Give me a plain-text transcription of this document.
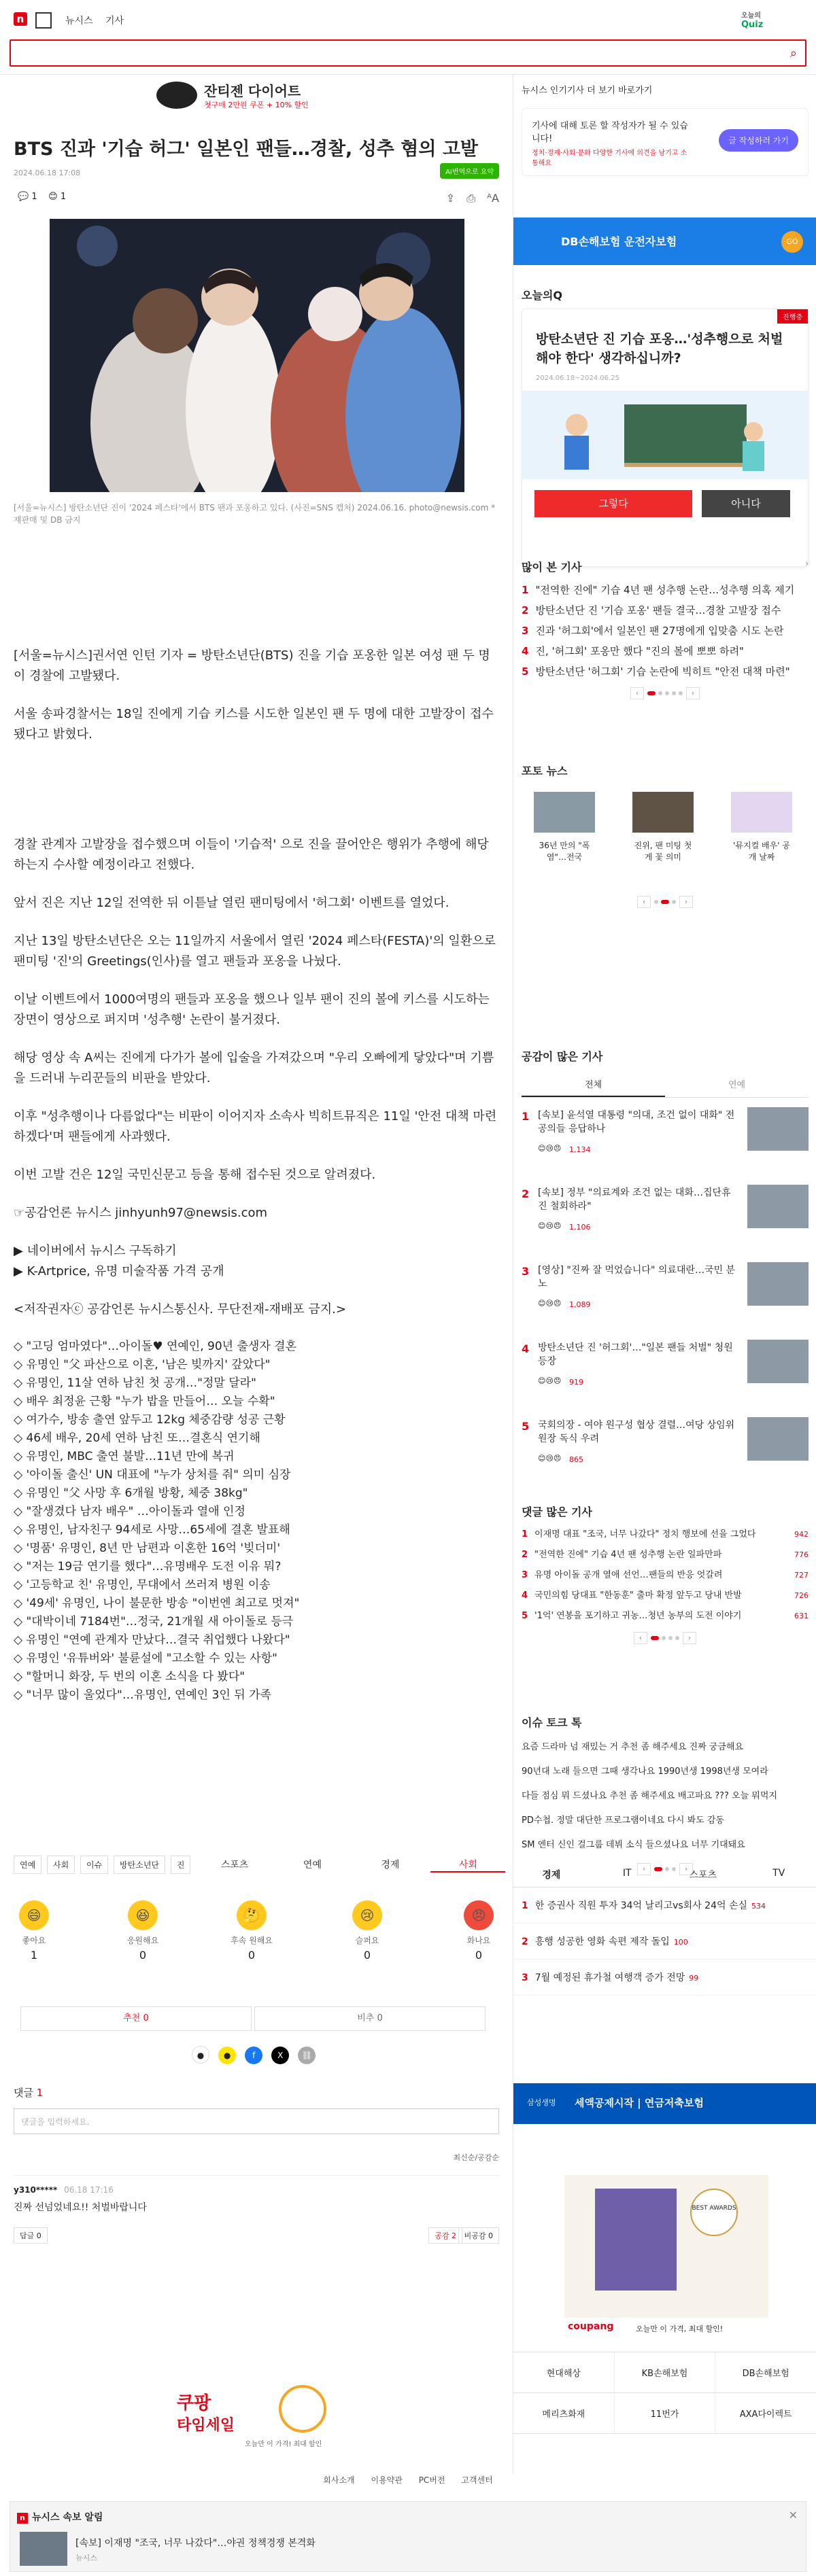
n	뉴시스 기사	오늘의
Quiz
⌕
잔티젠 다이어트
첫구매 2만원 쿠폰 + 10% 할인
BTS 진과 '기습 허그' 일본인 팬들…경찰, 성추 혐의 고발
2024.06.18 17:08	AI번역으로 요약
💬 1 😊 1	⇪ ⎙ ᴬA
[서울=뉴시스] 방탄소년단 진이 '2024 페스타'에서 BTS 팬과 포옹하고 있다. (사진=SNS 캡처) 2024.06.16. photo@newsis.com *재판매 및 DB 금지

[서울=뉴시스]권서연 인턴 기자 = 방탄소년단(BTS) 진을 기습 포옹한 일본 여성 팬 두 명이 경찰에 고발됐다.

서울 송파경찰서는 18일 진에게 기습 키스를 시도한 일본인 팬 두 명에 대한 고발장이 접수됐다고 밝혔다.

경찰 관계자 고발장을 접수했으며 이들이 '기습적' 으로 진을 끌어안은 행위가 추행에 해당하는지 수사할 예정이라고 전했다.

앞서 진은 지난 12일 전역한 뒤 이튿날 열린 팬미팅에서 '허그회' 이벤트를 열었다.

지난 13일 방탄소년단은 오는 11일까지 서울에서 열린 '2024 페스타(FESTA)'의 일환으로 팬미팅 '진'의 Greetings(인사)를 열고 팬들과 포옹을 나눴다.

이날 이벤트에서 1000여명의 팬들과 포옹을 했으나 일부 팬이 진의 볼에 키스를 시도하는 장면이 영상으로 퍼지며 '성추행' 논란이 불거졌다.

해당 영상 속 A씨는 진에게 다가가 볼에 입술을 가져갔으며 "우리 오빠에게 닿았다"며 기쁨을 드러내 누리꾼들의 비판을 받았다.

이후 "성추행이나 다름없다"는 비판이 이어지자 소속사 빅히트뮤직은 11일 '안전 대책 마련하겠다'며 팬들에게 사과했다.

이번 고발 건은 12일 국민신문고 등을 통해 접수된 것으로 알려졌다.

☞공감언론 뉴시스 jinhyunh97@newsis.com

▶ 네이버에서 뉴시스 구독하기
▶ K-Artprice, 유명 미술작품 가격 공개

<저작권자ⓒ 공감언론 뉴시스통신사. 무단전재-재배포 금지.>

◇ "고딩 엄마였다"…아이돌♥ 연예인, 90년 출생자 결혼
◇ 유명인 "父 파산으로 이혼, '남은 빚까지' 갚았다"
◇ 유명인, 11살 연하 남친 첫 공개…"정말 달라"
◇ 배우 최정윤 근황 "누가 밥을 만들어… 오늘 수확"
◇ 여가수, 방송 출연 앞두고 12kg 체중감량 성공 근황
◇ 46세 배우, 20세 연하 남친 또…결혼식 연기해
◇ 유명인, MBC 출연 불발…11년 만에 복귀
◇ '아이돌 출신' UN 대표에 "누가 상처를 줘" 의미 심장
◇ 유명인 "父 사망 후 6개월 방황, 체중 38kg"
◇ "잘생겼다 남자 배우" …아이돌과 열애 인정
◇ 유명인, 남자친구 94세로 사망…65세에 결혼 발표해
◇ '명품' 유명인, 8년 만 남편과 이혼한 16억 '빚더미'
◇ "저는 19금 연기를 했다"…유명배우 도전 이유 뭐?
◇ '고등학교 친' 유명인, 무대에서 쓰러져 병원 이송
◇ '49세' 유명인, 나이 불문한 방송 "이번엔 최고로 멋져"
◇ "대박이네 7184번"…정국, 21개월 새 아이돌로 등극
◇ 유명인 "연예 관계자 만났다…결국 취업했다 나왔다"
◇ 유명인 '유튜버와' 불륜설에 "고소할 수 있는 사항"
◇ "할머니 화장, 두 번의 이혼 소식을 다 봤다"
◇ "너무 많이 울었다"…유명인, 연예인 3인 뒤 가족
연예 사회 이슈 방탄소년단 진	스포츠	연예	경제	사회
😄
좋아요
1
😆
응원해요
0
🤔
후속 원해요
0
😢
슬퍼요
0
😠
화나요
0
추천 0	비추 0
● ●	f	X ⛓
댓글 1
댓글을 입력하세요.
최신순/공감순
y310***** 06.18 17:16
진짜 선넘었네요!! 처벌바랍니다
답글 0	공감 2	비공감 0
쿠팡
타임세일
오늘만 이 가격! 최대 할인
뉴시스 인기기사 더 보기 바로가기
기사에 대해 토론 할 작성자가 될 수 있습니다!
정치·경제·사회·문화 다양한 기사에 의견을 남기고 소통해요
글 작성하러 가기
DB손해보험 운전자보험	GO
오늘의Q
진행중
방탄소년단 진 기습 포옹…'성추행으로 처벌 해야 한다' 생각하십니까?
2024.06.18~2024.06.25
그렇다	아니다
많이 본 기사	›
1 "전역한 진에" 기습 4년 팬 성추행 논란…성추행 의혹 제기
2 방탄소년단 진 '기습 포옹' 팬들 결국…경찰 고발장 접수
3 진과 '허그회'에서 일본인 팬 27명에게 입맞춤 시도 논란
4 진, '허그회' 포옹만 했다 "진의 볼에 뽀뽀 하려"
5 방탄소년단 '허그회' 기습 논란에 빅히트 "안전 대책 마련"
‹	›
포토 뉴스
36년 만의 "폭염"…전국
진위, 팬 미팅 첫 게 꽃 의미
'뮤지컬 배우' 공개 날짜
‹	›
공감이 많은 기사
전체	연예
1 [속보] 윤석열 대통령 "의대, 조건 없이 대화" 전공의들 응답하나
😊😢😠 1,134
2 [속보] 정부 "의료계와 조건 없는 대화…집단휴진 철회하라"
😊😢😠 1,106
3 [영상] "진짜 잘 먹었습니다" 의료대란…국민 분노
😊😢😠 1,089
4 방탄소년단 진 '허그회'…"일본 팬들 처벌" 청원 등장
😊😢😠 919
5 국회의장 - 여야 원구성 협상 결렬…여당 상임위원장 독식 우려
😊😢😠 865
댓글 많은 기사
1 이재명 대표 "조국, 너무 나갔다" 정치 행보에 선을 그었다	942
2 "전역한 진에" 기습 4년 팬 성추행 논란 일파만파	776
3 유명 아이돌 공개 열애 선언…팬들의 반응 엇갈려	727
4 국민의힘 당대표 "한동훈" 출마 확정 앞두고 당내 반발	726
5 '1억' 연봉을 포기하고 귀농…청년 농부의 도전 이야기	631
‹	›
이슈 토크 톡
요즘 드라마 넘 재밌는 거 추천 좀 해주세요 진짜 궁금해요
90년대 노래 들으면 그때 생각나요 1990년생 1998년생 모여라
다들 점심 뭐 드셨나요 추천 좀 해주세요 배고파요 ??? 오늘 뭐먹지
PD수첩. 정말 대단한 프로그램이네요 다시 봐도 감동
SM 엔터 신인 걸그룹 데뷔 소식 들으셨나요 너무 기대돼요
‹	›
경제	IT	스포츠	TV
1 한 증권사 직원 투자 34억 날리고vs회사 24억 손실 534
2 흥행 성공한 영화 속편 제작 돌입 100
3 7월 예정된 휴가철 여행객 증가 전망 99
삼성생명 세액공제시작 | 연금저축보험
BEST AWARDS
coupang	오늘만 이 가격, 최대 할인!
현대해상	KB손해보험	DB손해보험
메리츠화재	11번가	AXA다이렉트
회사소개 이용약관 PC버전 고객센터
n 뉴시스 속보 알림	✕
[속보] 이재명 "조국, 너무 나갔다"…야권 정책경쟁 본격화
뉴시스
